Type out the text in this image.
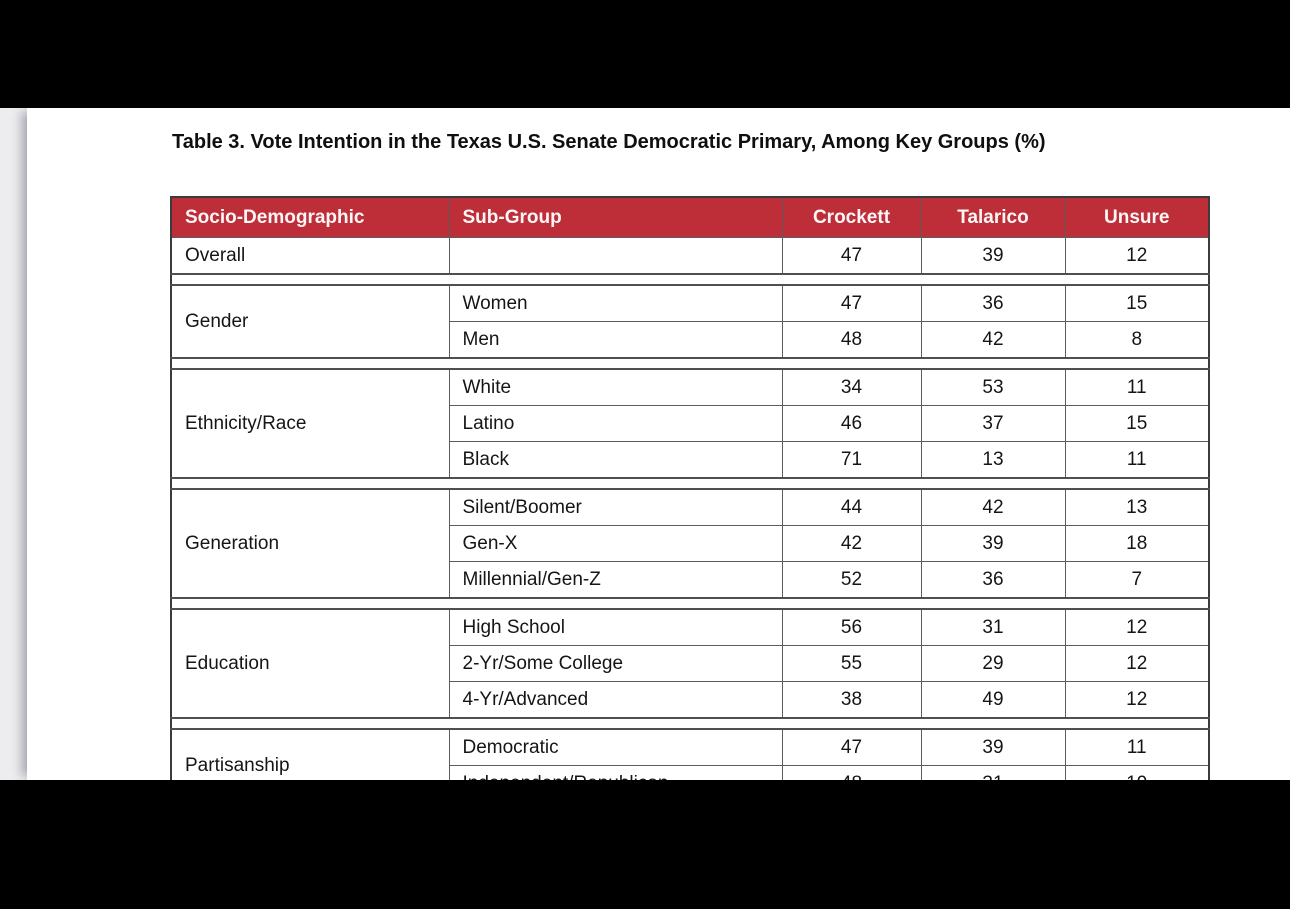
Table 3. Vote Intention in the Texas U.S. Senate Democratic Primary, Among Key Groups (%)
Socio-Demographic	Sub-Group	Crockett	Talarico	Unsure
Overall		47	39	12

Gender	Women	47	36	15
	Men	48	42	8

Ethnicity/Race	White	34	53	11
	Latino	46	37	15
	Black	71	13	11

Generation	Silent/Boomer	44	42	13
	Gen-X	42	39	18
	Millennial/Gen-Z	52	36	7

Education	High School	56	31	12
	2-Yr/Some College	55	29	12
	4-Yr/Advanced	38	49	12

Partisanship	Democratic	47	39	11
